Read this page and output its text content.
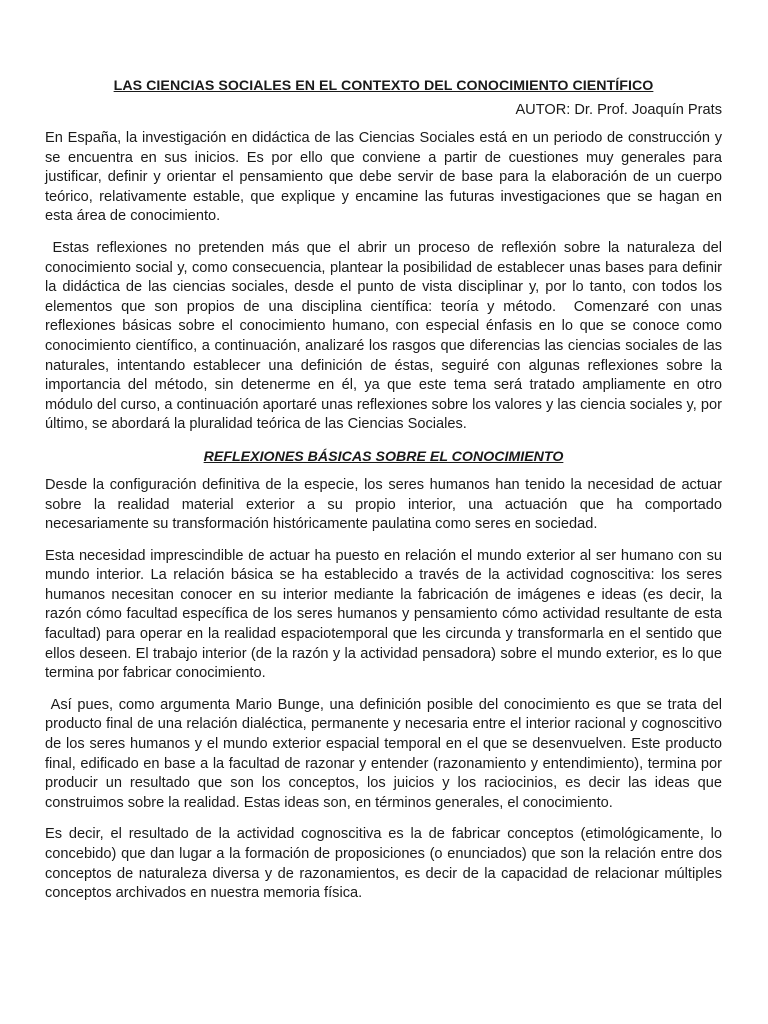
LAS CIENCIAS SOCIALES EN EL CONTEXTO DEL CONOCIMIENTO CIENTÍFICO
AUTOR: Dr. Prof. Joaquín Prats

En España, la investigación en didáctica de las Ciencias Sociales está en un periodo de construcción y se encuentra en sus inicios. Es por ello que conviene a partir de cuestiones muy generales para justificar, definir y orientar el pensamiento que debe servir de base para la elaboración de un cuerpo teórico, relativamente estable, que explique y encamine las futuras investigaciones que se hagan en esta área de conocimiento.

Estas reflexiones no pretenden más que el abrir un proceso de reflexión sobre la naturaleza del conocimiento social y, como consecuencia, plantear la posibilidad de establecer unas bases para definir la didáctica de las ciencias sociales, desde el punto de vista disciplinar y, por lo tanto, con todos los elementos que son propios de una disciplina científica: teoría y método.  Comenzaré con unas reflexiones básicas sobre el conocimiento humano, con especial énfasis en lo que se conoce como conocimiento científico, a continuación, analizaré los rasgos que diferencias las ciencias sociales de las naturales, intentando establecer una definición de éstas, seguiré con algunas reflexiones sobre la importancia del método, sin detenerme en él, ya que este tema será tratado ampliamente en otro módulo del curso, a continuación aportaré unas reflexiones sobre los valores y las ciencia sociales y, por último, se abordará la pluralidad teórica de las Ciencias Sociales.

REFLEXIONES BÁSICAS SOBRE EL CONOCIMIENTO

Desde la configuración definitiva de la especie, los seres humanos han tenido la necesidad de actuar sobre la realidad material exterior a su propio interior, una actuación que ha comportado necesariamente su transformación históricamente paulatina como seres en sociedad.

Esta necesidad imprescindible de actuar ha puesto en relación el mundo exterior al ser humano con su mundo interior. La relación básica se ha establecido a través de la actividad cognoscitiva: los seres humanos necesitan conocer en su interior mediante la fabricación de imágenes e ideas (es decir, la razón cómo facultad específica de los seres humanos y pensamiento cómo actividad resultante de esta facultad) para operar en la realidad espaciotemporal que les circunda y transformarla en el sentido que ellos deseen. El trabajo interior (de la razón y la actividad pensadora) sobre el mundo exterior, es lo que termina por fabricar conocimiento.

Así pues, como argumenta Mario Bunge, una definición posible del conocimiento es que se trata del producto final de una relación dialéctica, permanente y necesaria entre el interior racional y cognoscitivo de los seres humanos y el mundo exterior espacial temporal en el que se desenvuelven. Este producto final, edificado en base a la facultad de razonar y entender (razonamiento y entendimiento), termina por producir un resultado que son los conceptos, los juicios y los raciocinios, es decir las ideas que construimos sobre la realidad. Estas ideas son, en términos generales, el conocimiento.

Es decir, el resultado de la actividad cognoscitiva es la de fabricar conceptos (etimológicamente, lo concebido) que dan lugar a la formación de proposiciones (o enunciados) que son la relación entre dos conceptos de naturaleza diversa y de razonamientos, es decir de la capacidad de relacionar múltiples conceptos archivados en nuestra memoria física.
